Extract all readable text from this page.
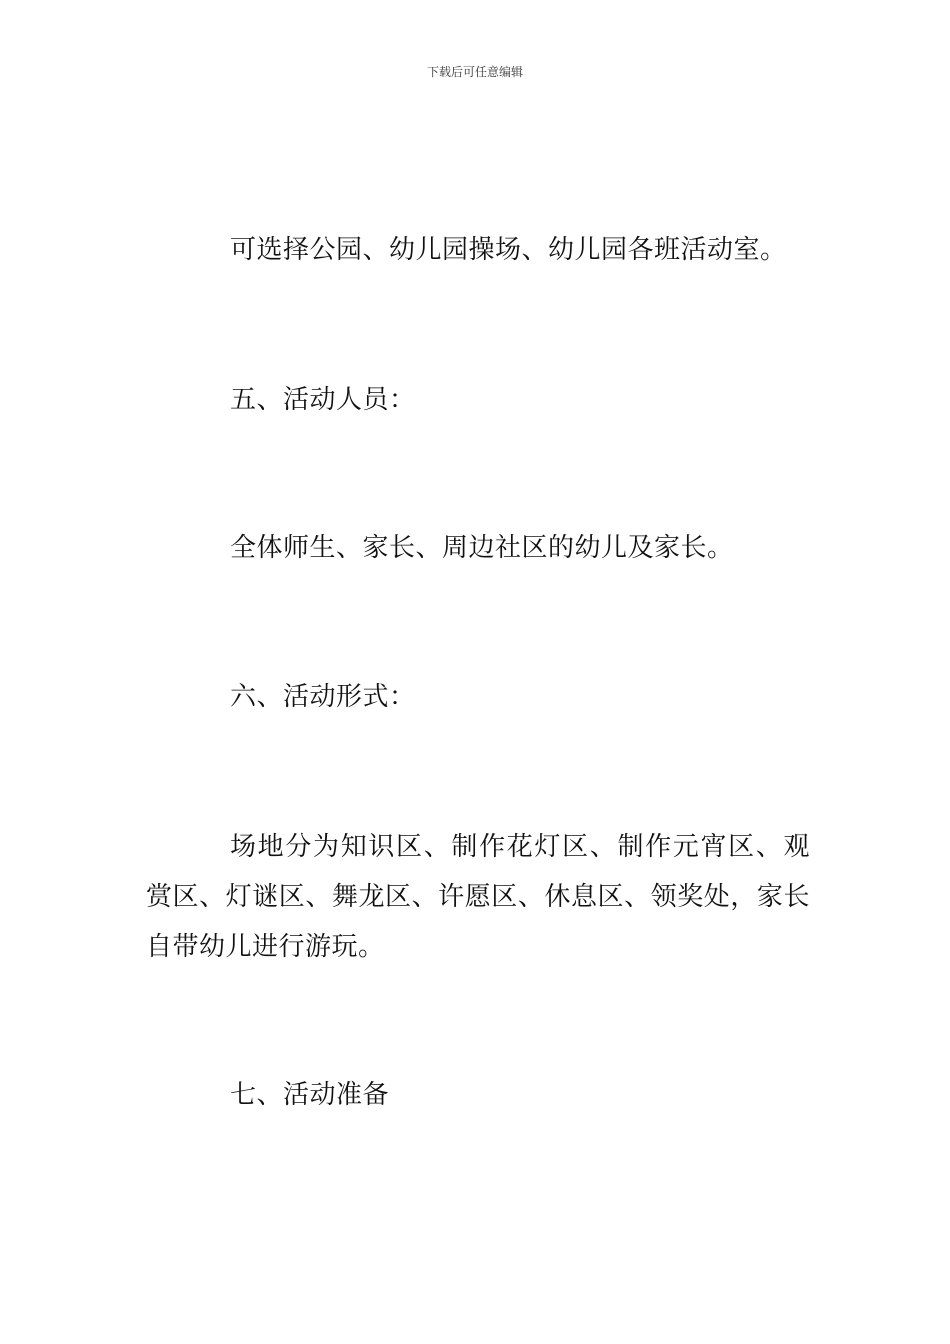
下载后可任意编辑

可选择公园、幼儿园操场、幼儿园各班活动室。

五、活动人员：

全体师生、家长、周边社区的幼儿及家长。

六、活动形式：

场地分为知识区、制作花灯区、制作元宵区、观赏区、灯谜区、舞龙区、许愿区、休息区、领奖处，家长自带幼儿进行游玩。

七、活动准备
